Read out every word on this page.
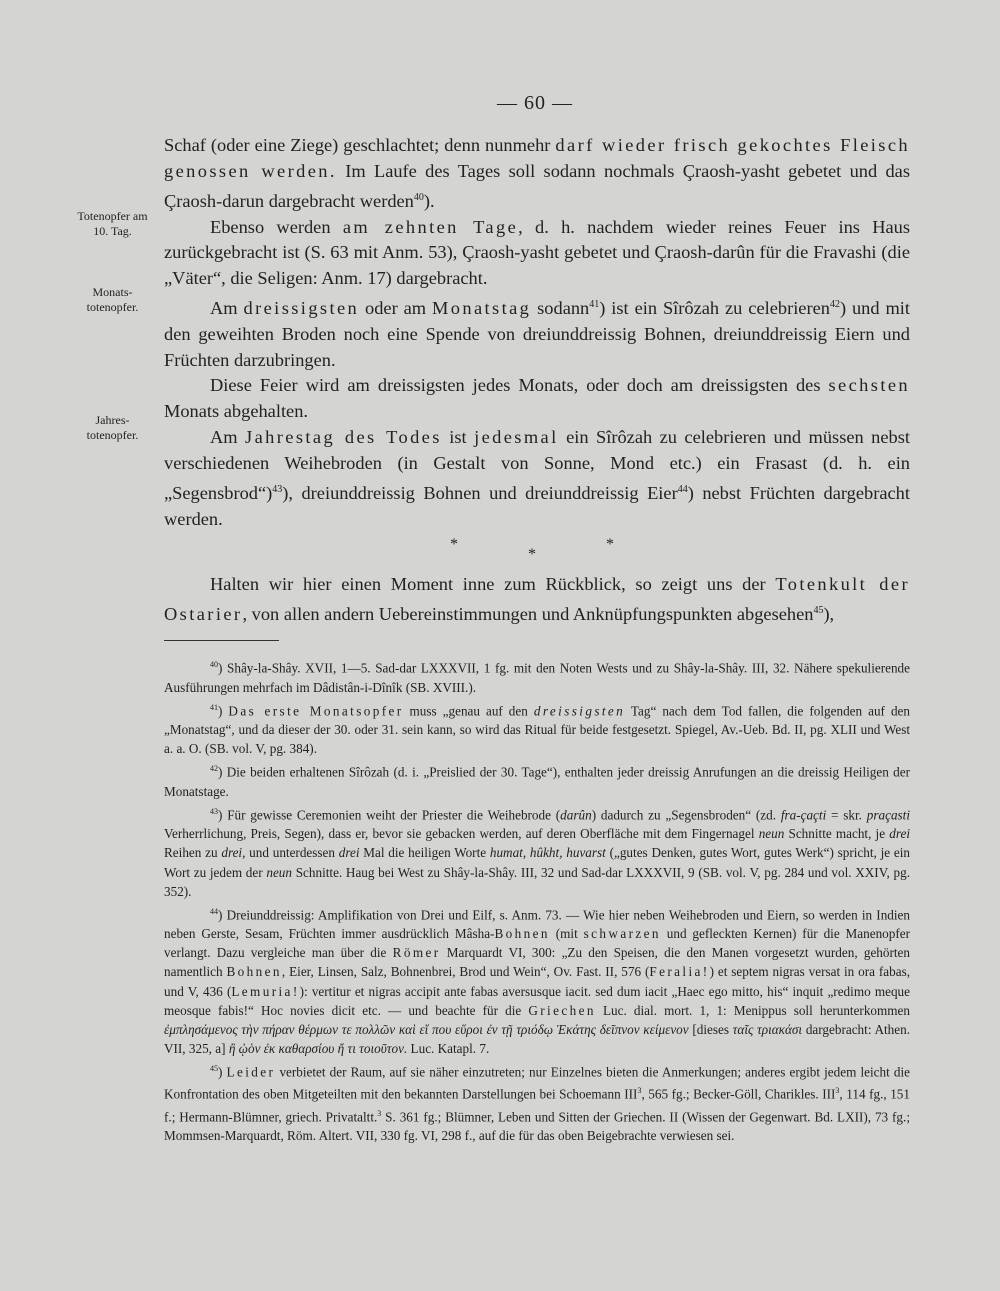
— 60 —
Totenopfer am 10. Tag.
Monats-totenopfer.
Jahres-totenopfer.

Schaf (oder eine Ziege) geschlachtet; denn nunmehr darf wieder frisch gekochtes Fleisch genossen werden. Im Laufe des Tages soll sodann nochmals Çraosh-yasht gebetet und das Çraosh-darun dargebracht werden$^{40}$).

Ebenso werden am zehnten Tage, d. h. nachdem wieder reines Feuer ins Haus zurückgebracht ist (S. 63 mit Anm. 53), Çraosh-yasht gebetet und Çraosh-darûn für die Fravashi (die „Väter“, die Seligen: Anm. 17) dargebracht.

Am dreissigsten oder am Monatstag sodann$^{41}$) ist ein Sîrôzah zu celebrieren$^{42}$) und mit den geweihten Broden noch eine Spende von dreiunddreissig Bohnen, dreiunddreissig Eiern und Früchten darzubringen.

Diese Feier wird am dreissigsten jedes Monats, oder doch am dreissigsten des sechsten Monats abgehalten.

Am Jahrestag des Todes ist jedesmal ein Sîrôzah zu celebrieren und müssen nebst verschiedenen Weihebroden (in Gestalt von Sonne, Mond etc.) ein Frasast (d. h. ein „Segensbrod“)$^{43}$), dreiunddreissig Bohnen und dreiunddreissig Eier$^{44}$) nebst Früchten dargebracht werden.

*
*
*

Halten wir hier einen Moment inne zum Rückblick, so zeigt uns der Totenkult der Ostarier, von allen andern Uebereinstimmungen und Anknüpfungspunkten abgesehen$^{45}$),

$^{40}$) Shây-la-Shây. XVII, 1—5. Sad-dar LXXXVII, 1 fg. mit den Noten Wests und zu Shây-la-Shây. III, 32. Nähere spekulierende Ausführungen mehrfach im Dâdistân-i-Dînîk (SB. XVIII.).

$^{41}$) Das erste Monatsopfer muss „genau auf den dreissigsten Tag“ nach dem Tod fallen, die folgenden auf den „Monatstag“, und da dieser der 30. oder 31. sein kann, so wird das Ritual für beide festgesetzt. Spiegel, Av.-Ueb. Bd. II, pg. XLII und West a. a. O. (SB. vol. V, pg. 384).

$^{42}$) Die beiden erhaltenen Sîrôzah (d. i. „Preislied der 30. Tage“), enthalten jeder dreissig Anrufungen an die dreissig Heiligen der Monatstage.

$^{43}$) Für gewisse Ceremonien weiht der Priester die Weihebrode (darûn) dadurch zu „Segensbroden“ (zd. fra-çaçti = skr. praçasti Verherrlichung, Preis, Segen), dass er, bevor sie gebacken werden, auf deren Oberfläche mit dem Fingernagel neun Schnitte macht, je drei Reihen zu drei, und unterdessen drei Mal die heiligen Worte humat, hûkht, huvarst („gutes Denken, gutes Wort, gutes Werk“) spricht, je ein Wort zu jedem der neun Schnitte. Haug bei West zu Shây-la-Shây. III, 32 und Sad-dar LXXXVII, 9 (SB. vol. V, pg. 284 und vol. XXIV, pg. 352).

$^{44}$) Dreiunddreissig: Amplifikation von Drei und Eilf, s. Anm. 73. — Wie hier neben Weihebroden und Eiern, so werden in Indien neben Gerste, Sesam, Früchten immer ausdrücklich Mâsha-Bohnen (mit schwarzen und gefleckten Kernen) für die Manenopfer verlangt. Dazu vergleiche man über die Römer Marquardt VI, 300: „Zu den Speisen, die den Manen vorgesetzt wurden, gehörten namentlich Bohnen, Eier, Linsen, Salz, Bohnenbrei, Brod und Wein“, Ov. Fast. II, 576 (Feralia!) et septem nigras versat in ora fabas, und V, 436 (Lemuria!): vertitur et nigras accipit ante fabas aversusque iacit. sed dum iacit „Haec ego mitto, his“ inquit „redimo meque meosque fabis!“ Hoc novies dicit etc. — und beachte für die Griechen Luc. dial. mort. 1, 1: Menippus soll herunterkommen ἐμπλησάμενος τὴν πήραν θέρμων τε πολλῶν καὶ εἴ που εὕροι ἐν τῇ τριόδῳ Ἑκάτης δεῖπνον κείμενον [dieses ταῖς τριακάσι dargebracht: Athen. VII, 325, a] ἢ ᾠὸν ἐκ καθαρσίου ἤ τι τοιοῦτον. Luc. Katapl. 7.

$^{45}$) Leider verbietet der Raum, auf sie näher einzutreten; nur Einzelnes bieten die Anmerkungen; anderes ergibt jedem leicht die Konfrontation des oben Mitgeteilten mit den bekannten Darstellungen bei Schoemann III$^3$, 565 fg.; Becker-Göll, Charikles. III$^3$, 114 fg., 151 f.; Hermann-Blümner, griech. Privataltt.$^3$ S. 361 fg.; Blümner, Leben und Sitten der Griechen. II (Wissen der Gegenwart. Bd. LXII), 73 fg.; Mommsen-Marquardt, Röm. Altert. VII, 330 fg. VI, 298 f., auf die für das oben Beigebrachte verwiesen sei.
